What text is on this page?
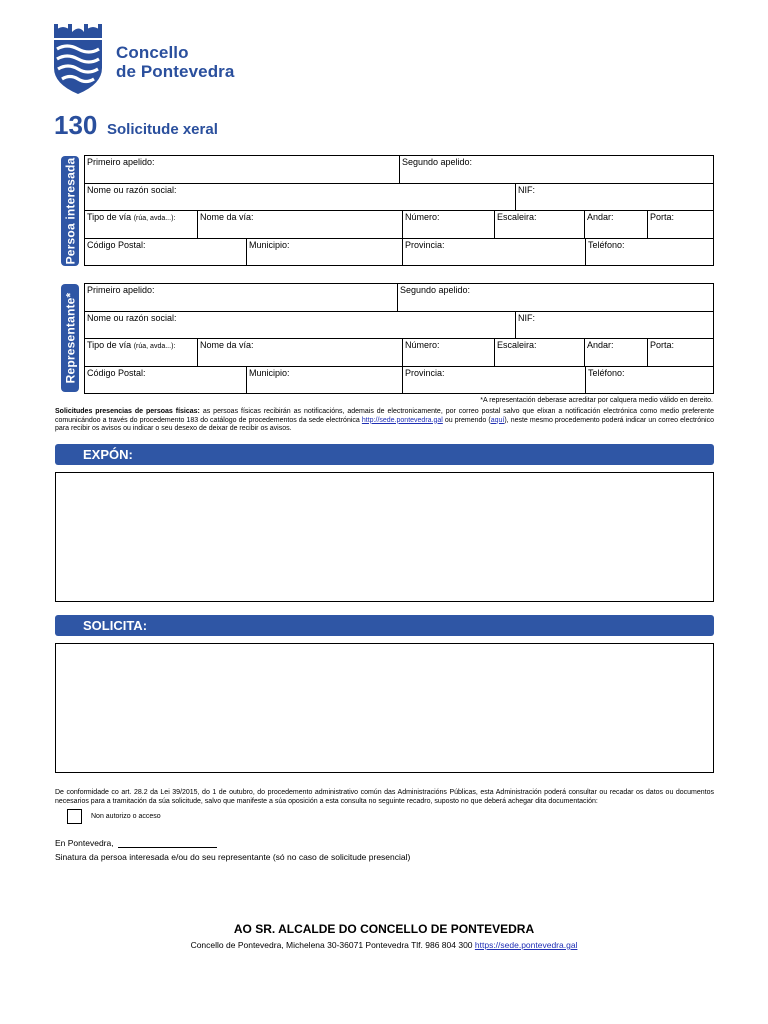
Concello
de Pontevedra
130 Solicitude xeral
Persoa interesada Primeiro apelido:	Segundo apelido:
Nome ou razón social:	NIF:
Tipo de vía (rúa, avda...):	Nome da vía:	Número:	Escaleira:	Andar:	Porta:
Código Postal:	Municipio:	Provincia:	Teléfono:
Representante*
Primeiro apelido:	Segundo apelido:
Nome ou razón social:	NIF:
Tipo de vía (rúa, avda...):	Nome da vía:	Número:	Escaleira:	Andar:	Porta:
Código Postal:	Municipio:	Provincia:	Teléfono:
*A representación deberase acreditar por calquera medio válido en dereito.
Solicitudes presencias de persoas físicas: as persoas físicas recibirán as notificacións, ademais de electronicamente, por correo postal salvo que elixan a notificación electrónica como medio preferente comunicándoo a través do procedemento 183 do catálogo de procedementos da sede electrónica http://sede.pontevedra.gal ou premendo (aquí), neste mesmo procedemento poderá indicar un correo electrónico para recibir os avisos ou indicar o seu desexo de deixar de recibir os avisos.
EXPÓN:
SOLICITA:
De conformidade co art. 28.2 da Lei 39/2015, do 1 de outubro, do procedemento administrativo común das Administracións Públicas, esta Administración poderá consultar ou recadar os datos ou documentos necesarios para a tramitación da súa solicitude, salvo que manifeste a súa oposición a esta consulta no seguinte recadro, suposto no que deberá achegar dita documentación:
Non autorizo o acceso
En Pontevedra,
Sinatura da persoa interesada e/ou do seu representante (só no caso de solicitude presencial)
AO SR. ALCALDE DO CONCELLO DE PONTEVEDRA
Concello de Pontevedra, Michelena 30-36071 Pontevedra Tlf. 986 804 300 https://sede.pontevedra.gal
